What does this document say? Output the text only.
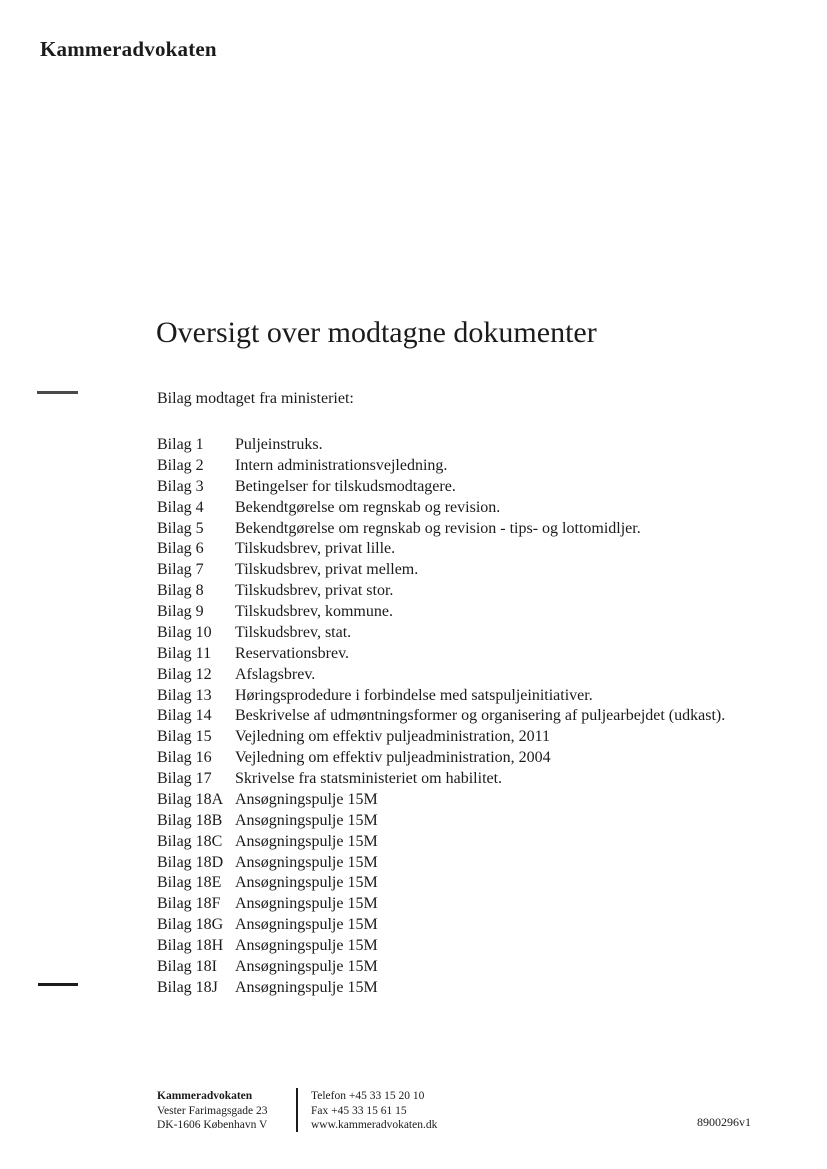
Kammeradvokaten
Oversigt over modtagne dokumenter

Bilag modtaget fra ministeriet:

Bilag 1	Puljeinstruks.
Bilag 2	Intern administrationsvejledning.
Bilag 3	Betingelser for tilskudsmodtagere.
Bilag 4	Bekendtgørelse om regnskab og revision.
Bilag 5	Bekendtgørelse om regnskab og revision - tips- og lottomidljer.
Bilag 6	Tilskudsbrev, privat lille.
Bilag 7	Tilskudsbrev, privat mellem.
Bilag 8	Tilskudsbrev, privat stor.
Bilag 9	Tilskudsbrev, kommune.
Bilag 10	Tilskudsbrev, stat.
Bilag 11	Reservationsbrev.
Bilag 12	Afslagsbrev.
Bilag 13	Høringsprodedure i forbindelse med satspuljeinitiativer.
Bilag 14	Beskrivelse af udmøntningsformer og organisering af puljearbejdet (udkast).
Bilag 15	Vejledning om effektiv puljeadministration, 2011
Bilag 16	Vejledning om effektiv puljeadministration, 2004
Bilag 17	Skrivelse fra statsministeriet om habilitet.
Bilag 18A Ansøgningspulje 15M
Bilag 18B Ansøgningspulje 15M
Bilag 18C Ansøgningspulje 15M
Bilag 18D Ansøgningspulje 15M
Bilag 18E Ansøgningspulje 15M
Bilag 18F Ansøgningspulje 15M
Bilag 18G Ansøgningspulje 15M
Bilag 18H Ansøgningspulje 15M
Bilag 18I	Ansøgningspulje 15M
Bilag 18J	Ansøgningspulje 15M
Kammeradvokaten
Vester Farimagsgade 23
DK-1606 København V
Telefon +45 33 15 20 10
Fax +45 33 15 61 15
www.kammeradvokaten.dk	8900296v1
